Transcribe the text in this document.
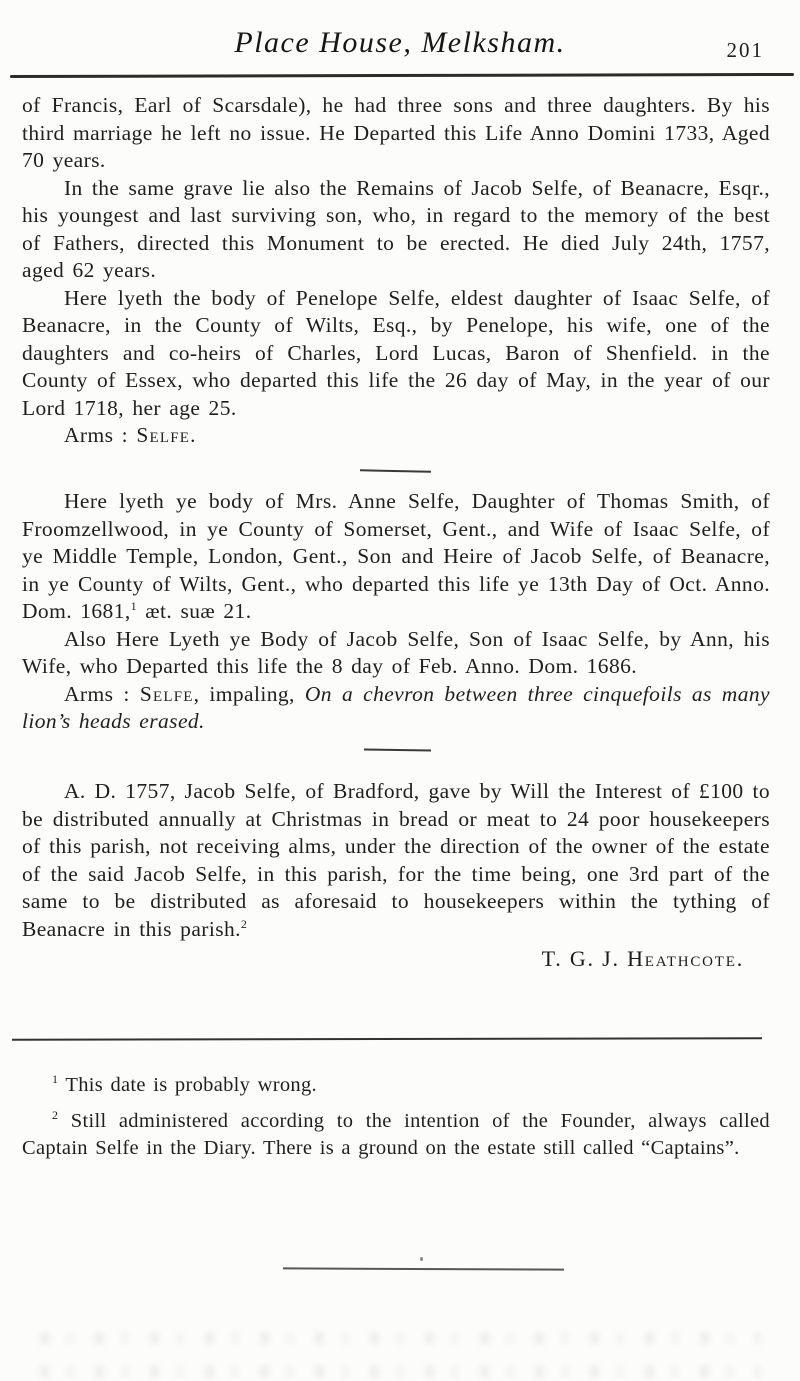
Place House, Melksham.	201

of Francis, Earl of Scarsdale), he had three sons and three daughters. By his third marriage he left no issue. He Departed this Life Anno Domini 1733, Aged 70 years.

In the same grave lie also the Remains of Jacob Selfe, of Beanacre, Esqr., his youngest and last surviving son, who, in regard to the memory of the best of Fathers, directed this Monument to be erected. He died July 24th, 1757, aged 62 years.

Here lyeth the body of Penelope Selfe, eldest daughter of Isaac Selfe, of Beanacre, in the County of Wilts, Esq., by Penelope, his wife, one of the daughters and co-heirs of Charles, Lord Lucas, Baron of Shenfield. in the County of Essex, who departed this life the 26 day of May, in the year of our Lord 1718, her age 25.

Arms : Selfe.

Here lyeth ye body of Mrs. Anne Selfe, Daughter of Thomas Smith, of Froomzellwood, in ye County of Somerset, Gent., and Wife of Isaac Selfe, of ye Middle Temple, London, Gent., Son and Heire of Jacob Selfe, of Beanacre, in ye County of Wilts, Gent., who departed this life ye 13th Day of Oct. Anno. Dom. 1681,$^1$ æt. suæ 21.

Also Here Lyeth ye Body of Jacob Selfe, Son of Isaac Selfe, by Ann, his Wife, who Departed this life the 8 day of Feb. Anno. Dom. 1686.

Arms : Selfe, impaling, On a chevron between three cinquefoils as many lion’s heads erased.

A. D. 1757, Jacob Selfe, of Bradford, gave by Will the Interest of £100 to be distributed annually at Christmas in bread or meat to 24 poor housekeepers of this parish, not receiving alms, under the direction of the owner of the estate of the said Jacob Selfe, in this parish, for the time being, one 3rd part of the same to be distributed as aforesaid to housekeepers within the tything of Beanacre in this parish.$^2$

T. G. J. Heathcote.

$^1$ This date is probably wrong.

$^2$ Still administered according to the intention of the Founder, always called Captain Selfe in the Diary. There is a ground on the estate still called “Captains”.
